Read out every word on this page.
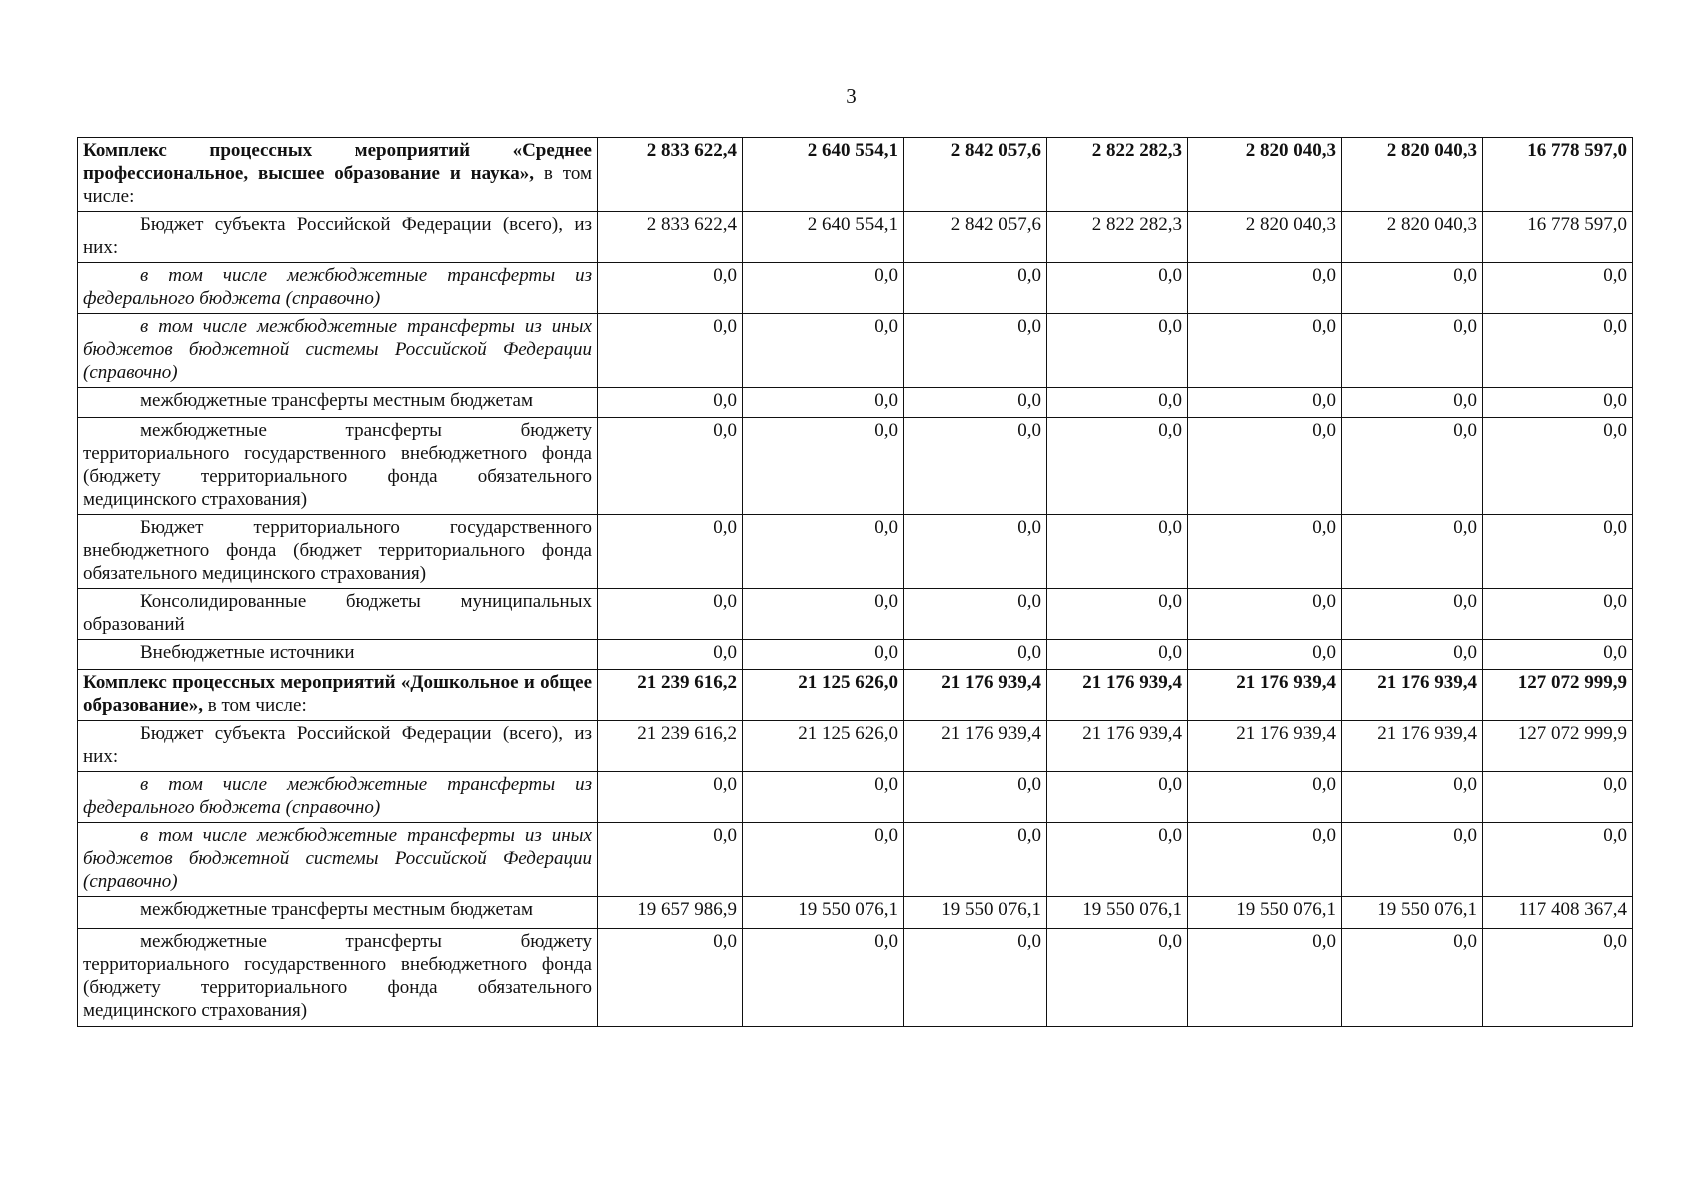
3
Комплекс процессных мероприятий «Среднее профессиональное, высшее образование и наука», в том числе:	2 833 622,4	2 640 554,1	2 842 057,6	2 822 282,3	2 820 040,3	2 820 040,3	16 778 597,0

Бюджет субъекта Российской Федерации (всего), из них:	2 833 622,4	2 640 554,1	2 842 057,6	2 822 282,3	2 820 040,3	2 820 040,3	16 778 597,0

в том числе межбюджетные трансферты из федерального бюджета (справочно)	0,0	0,0	0,0	0,0	0,0	0,0	0,0

в том числе межбюджетные трансферты из иных бюджетов бюджетной системы Российской Федерации (справочно)	0,0	0,0	0,0	0,0	0,0	0,0	0,0

межбюджетные трансферты местным бюджетам	0,0	0,0	0,0	0,0	0,0	0,0	0,0

межбюджетные трансферты бюджету территориального государственного внебюджетного фонда (бюджету территориального фонда обязательного медицинского страхования)	0,0	0,0	0,0	0,0	0,0	0,0	0,0

Бюджет территориального государственного внебюджетного фонда (бюджет территориального фонда обязательного медицинского страхования)	0,0	0,0	0,0	0,0	0,0	0,0	0,0

Консолидированные бюджеты муниципальных образований	0,0	0,0	0,0	0,0	0,0	0,0	0,0

Внебюджетные источники	0,0	0,0	0,0	0,0	0,0	0,0	0,0
Комплекс процессных мероприятий «Дошкольное и общее образование», в том числе:	21 239 616,2	21 125 626,0	21 176 939,4	21 176 939,4	21 176 939,4	21 176 939,4	127 072 999,9

Бюджет субъекта Российской Федерации (всего), из них:	21 239 616,2	21 125 626,0	21 176 939,4	21 176 939,4	21 176 939,4	21 176 939,4	127 072 999,9

в том числе межбюджетные трансферты из федерального бюджета (справочно)	0,0	0,0	0,0	0,0	0,0	0,0	0,0

в том числе межбюджетные трансферты из иных бюджетов бюджетной системы Российской Федерации (справочно)	0,0	0,0	0,0	0,0	0,0	0,0	0,0

межбюджетные трансферты местным бюджетам	19 657 986,9	19 550 076,1	19 550 076,1	19 550 076,1	19 550 076,1	19 550 076,1	117 408 367,4

межбюджетные трансферты бюджету территориального государственного внебюджетного фонда (бюджету территориального фонда обязательного медицинского страхования)	0,0	0,0	0,0	0,0	0,0	0,0	0,0
